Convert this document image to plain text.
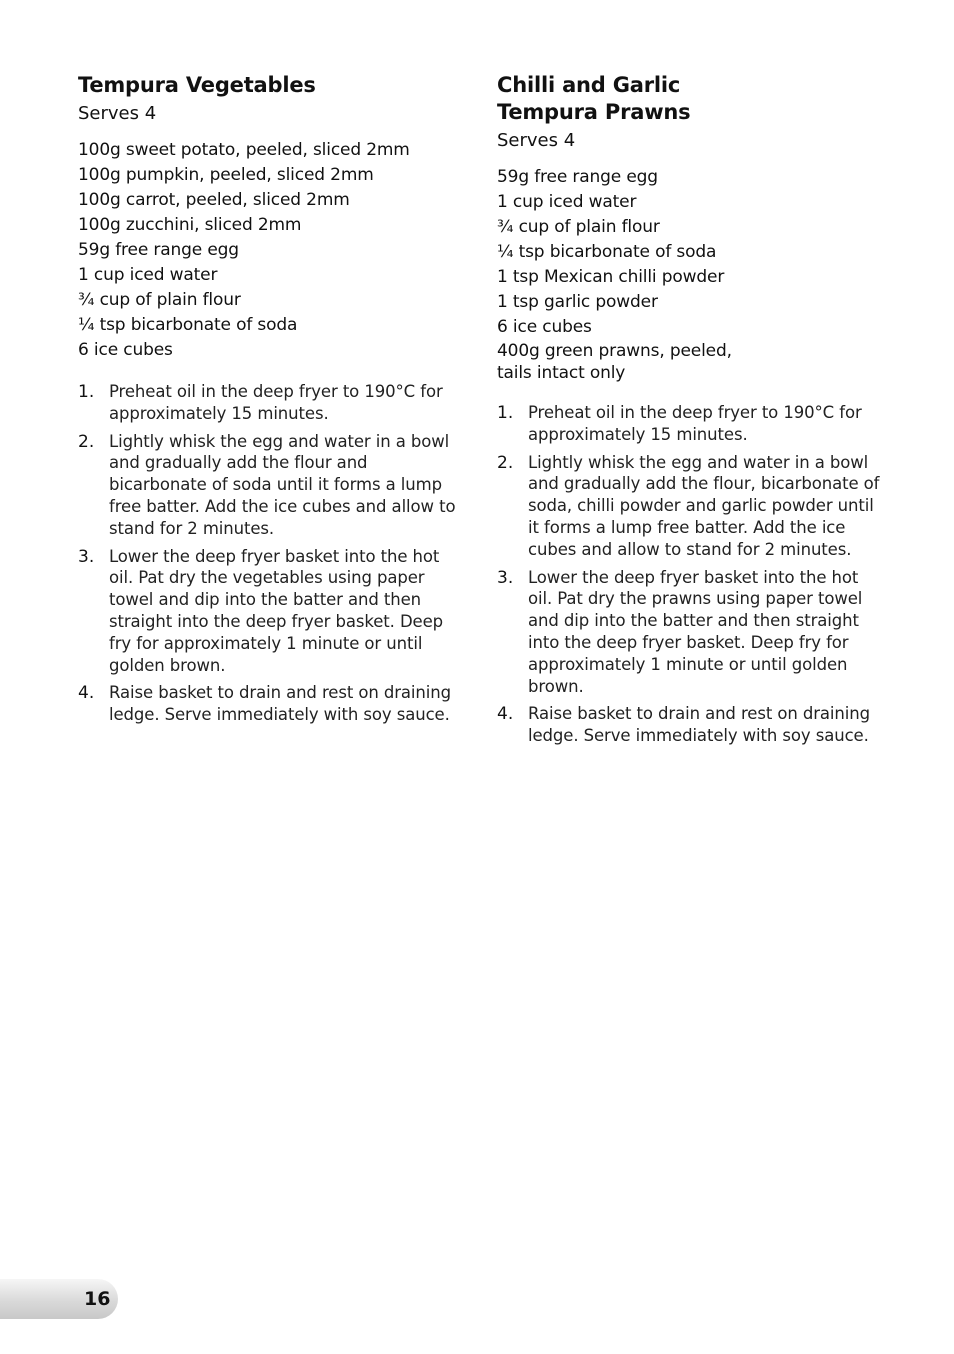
Tempura Vegetables
Serves 4
100g sweet potato, peeled, sliced 2mm
100g pumpkin, peeled, sliced 2mm
100g carrot, peeled, sliced 2mm
100g zucchini, sliced 2mm
59g free range egg
1 cup iced water
¾ cup of plain flour
¼ tsp bicarbonate of soda
6 ice cubes
1. Preheat oil in the deep fryer to 190°C for approximately 15 minutes.
2. Lightly whisk the egg and water in a bowl and gradually add the flour and bicarbonate of soda until it forms a lump free batter. Add the ice cubes and allow to stand for 2 minutes.
3. Lower the deep fryer basket into the hot oil. Pat dry the vegetables using paper towel and dip into the batter and then straight into the deep fryer basket. Deep fry for approximately 1 minute or until golden brown.
4. Raise basket to drain and rest on draining ledge. Serve immediately with soy sauce.
Chilli and Garlic
Tempura Prawns
Serves 4
59g free range egg
1 cup iced water
¾ cup of plain flour
¼ tsp bicarbonate of soda
1 tsp Mexican chilli powder
1 tsp garlic powder
6 ice cubes
400g green prawns, peeled, tails intact only
1. Preheat oil in the deep fryer to 190°C for approximately 15 minutes.
2. Lightly whisk the egg and water in a bowl and gradually add the flour, bicarbonate of soda, chilli powder and garlic powder until it forms a lump free batter. Add the ice cubes and allow to stand for 2 minutes.
3. Lower the deep fryer basket into the hot oil. Pat dry the prawns using paper towel and dip into the batter and then straight into the deep fryer basket. Deep fry for approximately 1 minute or until golden brown.
4. Raise basket to drain and rest on draining ledge. Serve immediately with soy sauce.
16
